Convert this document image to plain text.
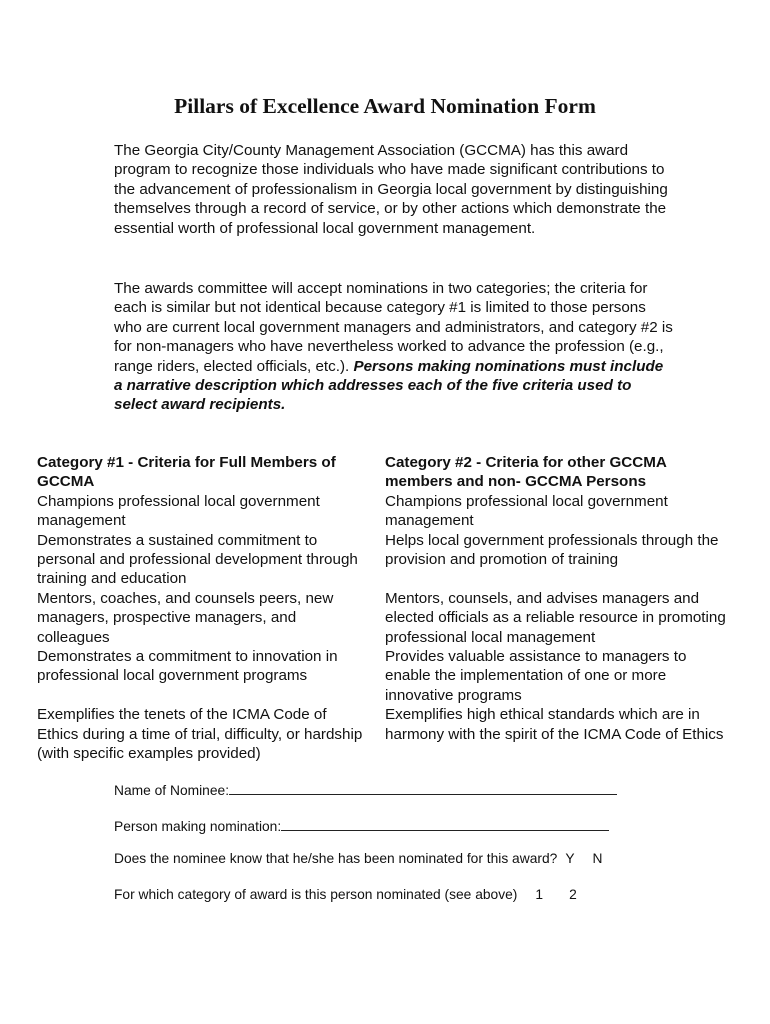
Pillars of Excellence Award Nomination Form

The Georgia City/County Management Association (GCCMA) has this award program to recognize those individuals who have made significant contributions to the advancement of professionalism in Georgia local government by distinguishing themselves through a record of service, or by other actions which demonstrate the essential worth of professional local government management.

The awards committee will accept nominations in two categories; the criteria for each is similar but not identical because category #1 is limited to those persons who are current local government managers and administrators, and category #2 is for non-managers who have nevertheless worked to advance the profession (e.g., range riders, elected officials, etc.). Persons making nominations must include a narrative description which addresses each of the five criteria used to select award recipients.

Category #1 - Criteria for Full Members of GCCMA

Champions professional local government management

Demonstrates a sustained commitment to personal and professional development through training and education

Mentors, coaches, and counsels peers, new managers, prospective managers, and colleagues

Demonstrates a commitment to innovation in professional local government programs

Exemplifies the tenets of the ICMA Code of Ethics during a time of trial, difficulty, or hardship (with specific examples provided)

Category #2 - Criteria for other GCCMA members and non- GCCMA Persons

Champions professional local government management

Helps local government professionals through the provision and promotion of training

Mentors, counsels, and advises managers and elected officials as a reliable resource in promoting professional local management

Provides valuable assistance to managers to enable the implementation of one or more innovative programs

Exemplifies high ethical standards which are in harmony with the spirit of the ICMA Code of Ethics

Name of Nominee:
Person making nomination:
Does the nominee know that he/she has been nominated for this award? Y N
For which category of award is this person nominated (see above) 1 2
